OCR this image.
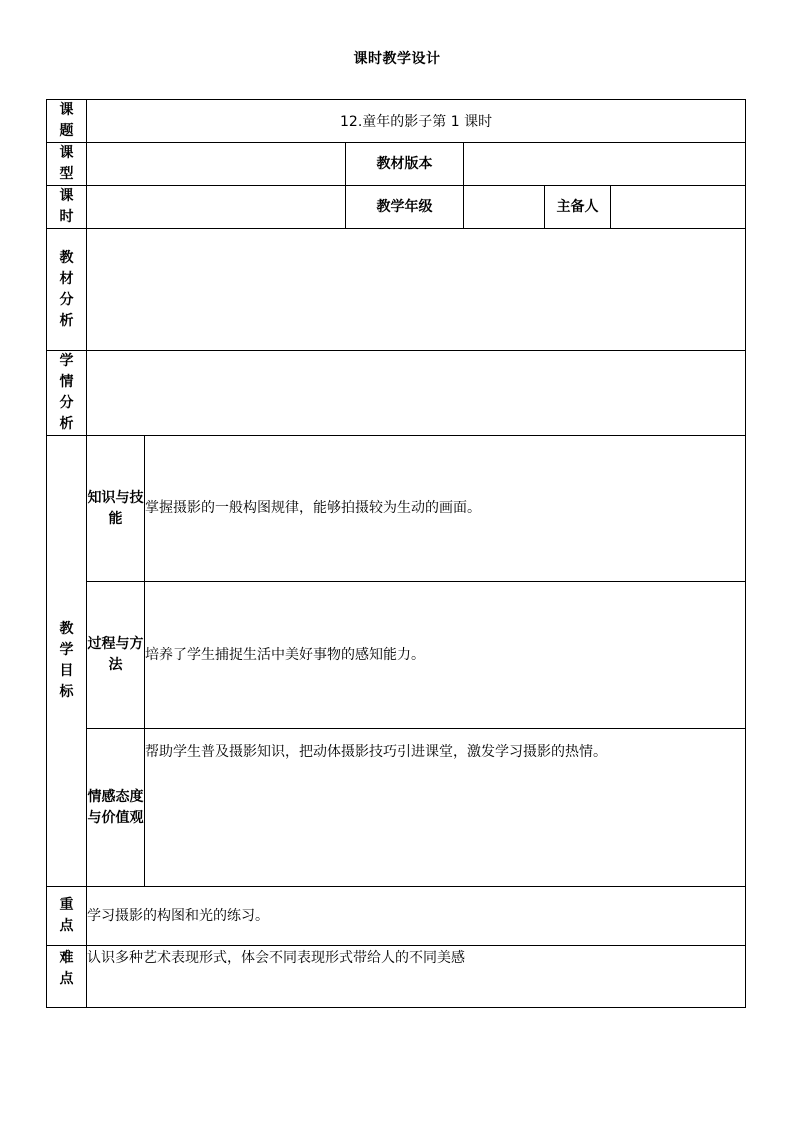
课时教学设计
课题	12.童年的影子第 1 课时					

课型			教材版本			

课时			教学年级		主备人	

教材分析						

学情分析						

教学目标	知识与技能	掌握摄影的一般构图规律，能够拍摄较为生动的画面。				
	过程与方法	培养了学生捕捉生活中美好事物的感知能力。				
	情感态度与价值观	帮助学生普及摄影知识，把动体摄影技巧引进课堂，激发学习摄影的热情。				

重点	学习摄影的构图和光的练习。					

难点	认识多种艺术表现形式，体会不同表现形式带给人的不同美感					
